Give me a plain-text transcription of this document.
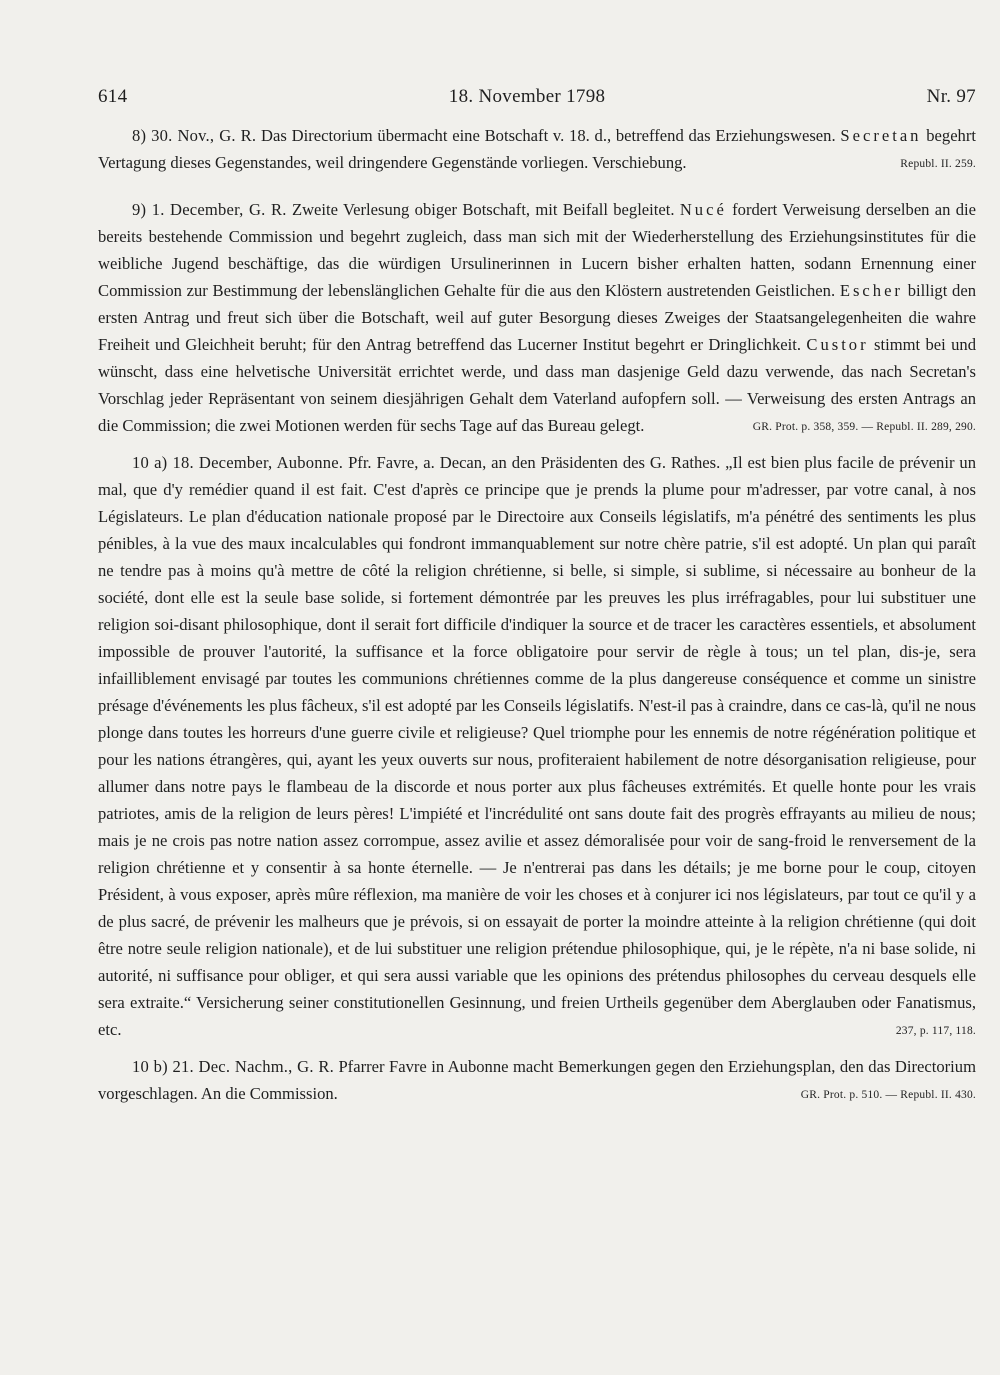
614	18. November 1798	Nr. 97

8) 30. Nov., G. R. Das Directorium übermacht eine Botschaft v. 18. d., betreffend das Erziehungswesen. Secretan begehrt Vertagung dieses Gegenstandes, weil dringendere Gegenstände vorliegen. Verschiebung.	Republ. II. 259.

9) 1. December, G. R. Zweite Verlesung obiger Botschaft, mit Beifall begleitet. Nucé fordert Verweisung derselben an die bereits bestehende Commission und begehrt zugleich, dass man sich mit der Wiederherstellung des Erziehungsinstitutes für die weibliche Jugend beschäftige, das die würdigen Ursulinerinnen in Lucern bisher erhalten hatten, sodann Ernennung einer Commission zur Bestimmung der lebenslänglichen Gehalte für die aus den Klöstern austretenden Geistlichen. Escher billigt den ersten Antrag und freut sich über die Botschaft, weil auf guter Besorgung dieses Zweiges der Staatsangelegenheiten die wahre Freiheit und Gleichheit beruht; für den Antrag betreffend das Lucerner Institut begehrt er Dringlichkeit. Custor stimmt bei und wünscht, dass eine helvetische Universität errichtet werde, und dass man dasjenige Geld dazu verwende, das nach Secretan's Vorschlag jeder Repräsentant von seinem diesjährigen Gehalt dem Vaterland aufopfern soll. — Verweisung des ersten Antrags an die Commission; die zwei Motionen werden für sechs Tage auf das Bureau gelegt.	GR. Prot. p. 358, 359. — Republ. II. 289, 290.

10 a) 18. December, Aubonne. Pfr. Favre, a. Decan, an den Präsidenten des G. Rathes. „Il est bien plus facile de prévenir un mal, que d'y remédier quand il est fait. C'est d'après ce principe que je prends la plume pour m'adresser, par votre canal, à nos Législateurs. Le plan d'éducation nationale proposé par le Directoire aux Conseils législatifs, m'a pénétré des sentiments les plus pénibles, à la vue des maux incalculables qui fondront immanquablement sur notre chère patrie, s'il est adopté. Un plan qui paraît ne tendre pas à moins qu'à mettre de côté la religion chrétienne, si belle, si simple, si sublime, si nécessaire au bonheur de la société, dont elle est la seule base solide, si fortement démontrée par les preuves les plus irréfragables, pour lui substituer une religion soi-disant philosophique, dont il serait fort difficile d'indiquer la source et de tracer les caractères essentiels, et absolument impossible de prouver l'autorité, la suffisance et la force obligatoire pour servir de règle à tous; un tel plan, dis-je, sera infailliblement envisagé par toutes les communions chrétiennes comme de la plus dangereuse conséquence et comme un sinistre présage d'événements les plus fâcheux, s'il est adopté par les Conseils législatifs. N'est-il pas à craindre, dans ce cas-là, qu'il ne nous plonge dans toutes les horreurs d'une guerre civile et religieuse? Quel triomphe pour les ennemis de notre régénération politique et pour les nations étrangères, qui, ayant les yeux ouverts sur nous, profiteraient habilement de notre désorganisation religieuse, pour allumer dans notre pays le flambeau de la discorde et nous porter aux plus fâcheuses extrémités. Et quelle honte pour les vrais patriotes, amis de la religion de leurs pères! L'impiété et l'incrédulité ont sans doute fait des progrès effrayants au milieu de nous; mais je ne crois pas notre nation assez corrompue, assez avilie et assez démoralisée pour voir de sang-froid le renversement de la religion chrétienne et y consentir à sa honte éternelle. — Je n'entrerai pas dans les détails; je me borne pour le coup, citoyen Président, à vous exposer, après mûre réflexion, ma manière de voir les choses et à conjurer ici nos législateurs, par tout ce qu'il y a de plus sacré, de prévenir les malheurs que je prévois, si on essayait de porter la moindre atteinte à la religion chrétienne (qui doit être notre seule religion nationale), et de lui substituer une religion prétendue philosophique, qui, je le répète, n'a ni base solide, ni autorité, ni suffisance pour obliger, et qui sera aussi variable que les opinions des prétendus philosophes du cerveau desquels elle sera extraite.“ Versicherung seiner constitutionellen Gesinnung, und freien Urtheils gegenüber dem Aberglauben oder Fanatismus, etc.	237, p. 117, 118.

10 b) 21. Dec. Nachm., G. R. Pfarrer Favre in Aubonne macht Bemerkungen gegen den Erziehungsplan, den das Directorium vorgeschlagen. An die Commission.	GR. Prot. p. 510. — Republ. II. 430.
